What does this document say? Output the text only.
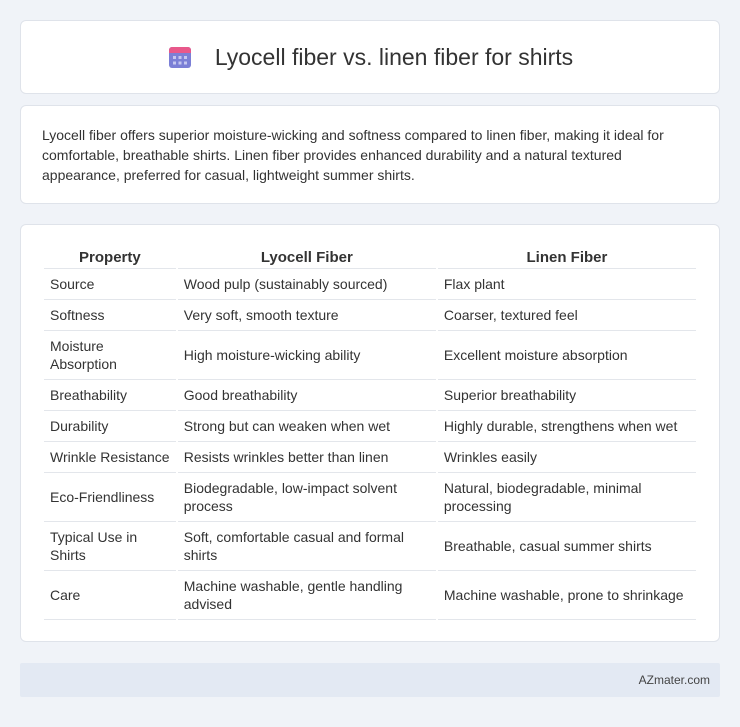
Lyocell fiber vs. linen fiber for shirts

Lyocell fiber offers superior moisture-wicking and softness compared to linen fiber, making it ideal for comfortable, breathable shirts. Linen fiber provides enhanced durability and a natural textured appearance, preferred for casual, lightweight summer shirts.

Property	Lyocell Fiber	Linen Fiber
Source	Wood pulp (sustainably sourced)	Flax plant
Softness	Very soft, smooth texture	Coarser, textured feel
Moisture Absorption	High moisture-wicking ability	Excellent moisture absorption
Breathability	Good breathability	Superior breathability
Durability	Strong but can weaken when wet	Highly durable, strengthens when wet
Wrinkle Resistance	Resists wrinkles better than linen	Wrinkles easily
Eco-Friendliness	Biodegradable, low-impact solvent process	Natural, biodegradable, minimal processing
Typical Use in Shirts	Soft, comfortable casual and formal shirts	Breathable, casual summer shirts
Care	Machine washable, gentle handling advised	Machine washable, prone to shrinkage
AZmater.com
